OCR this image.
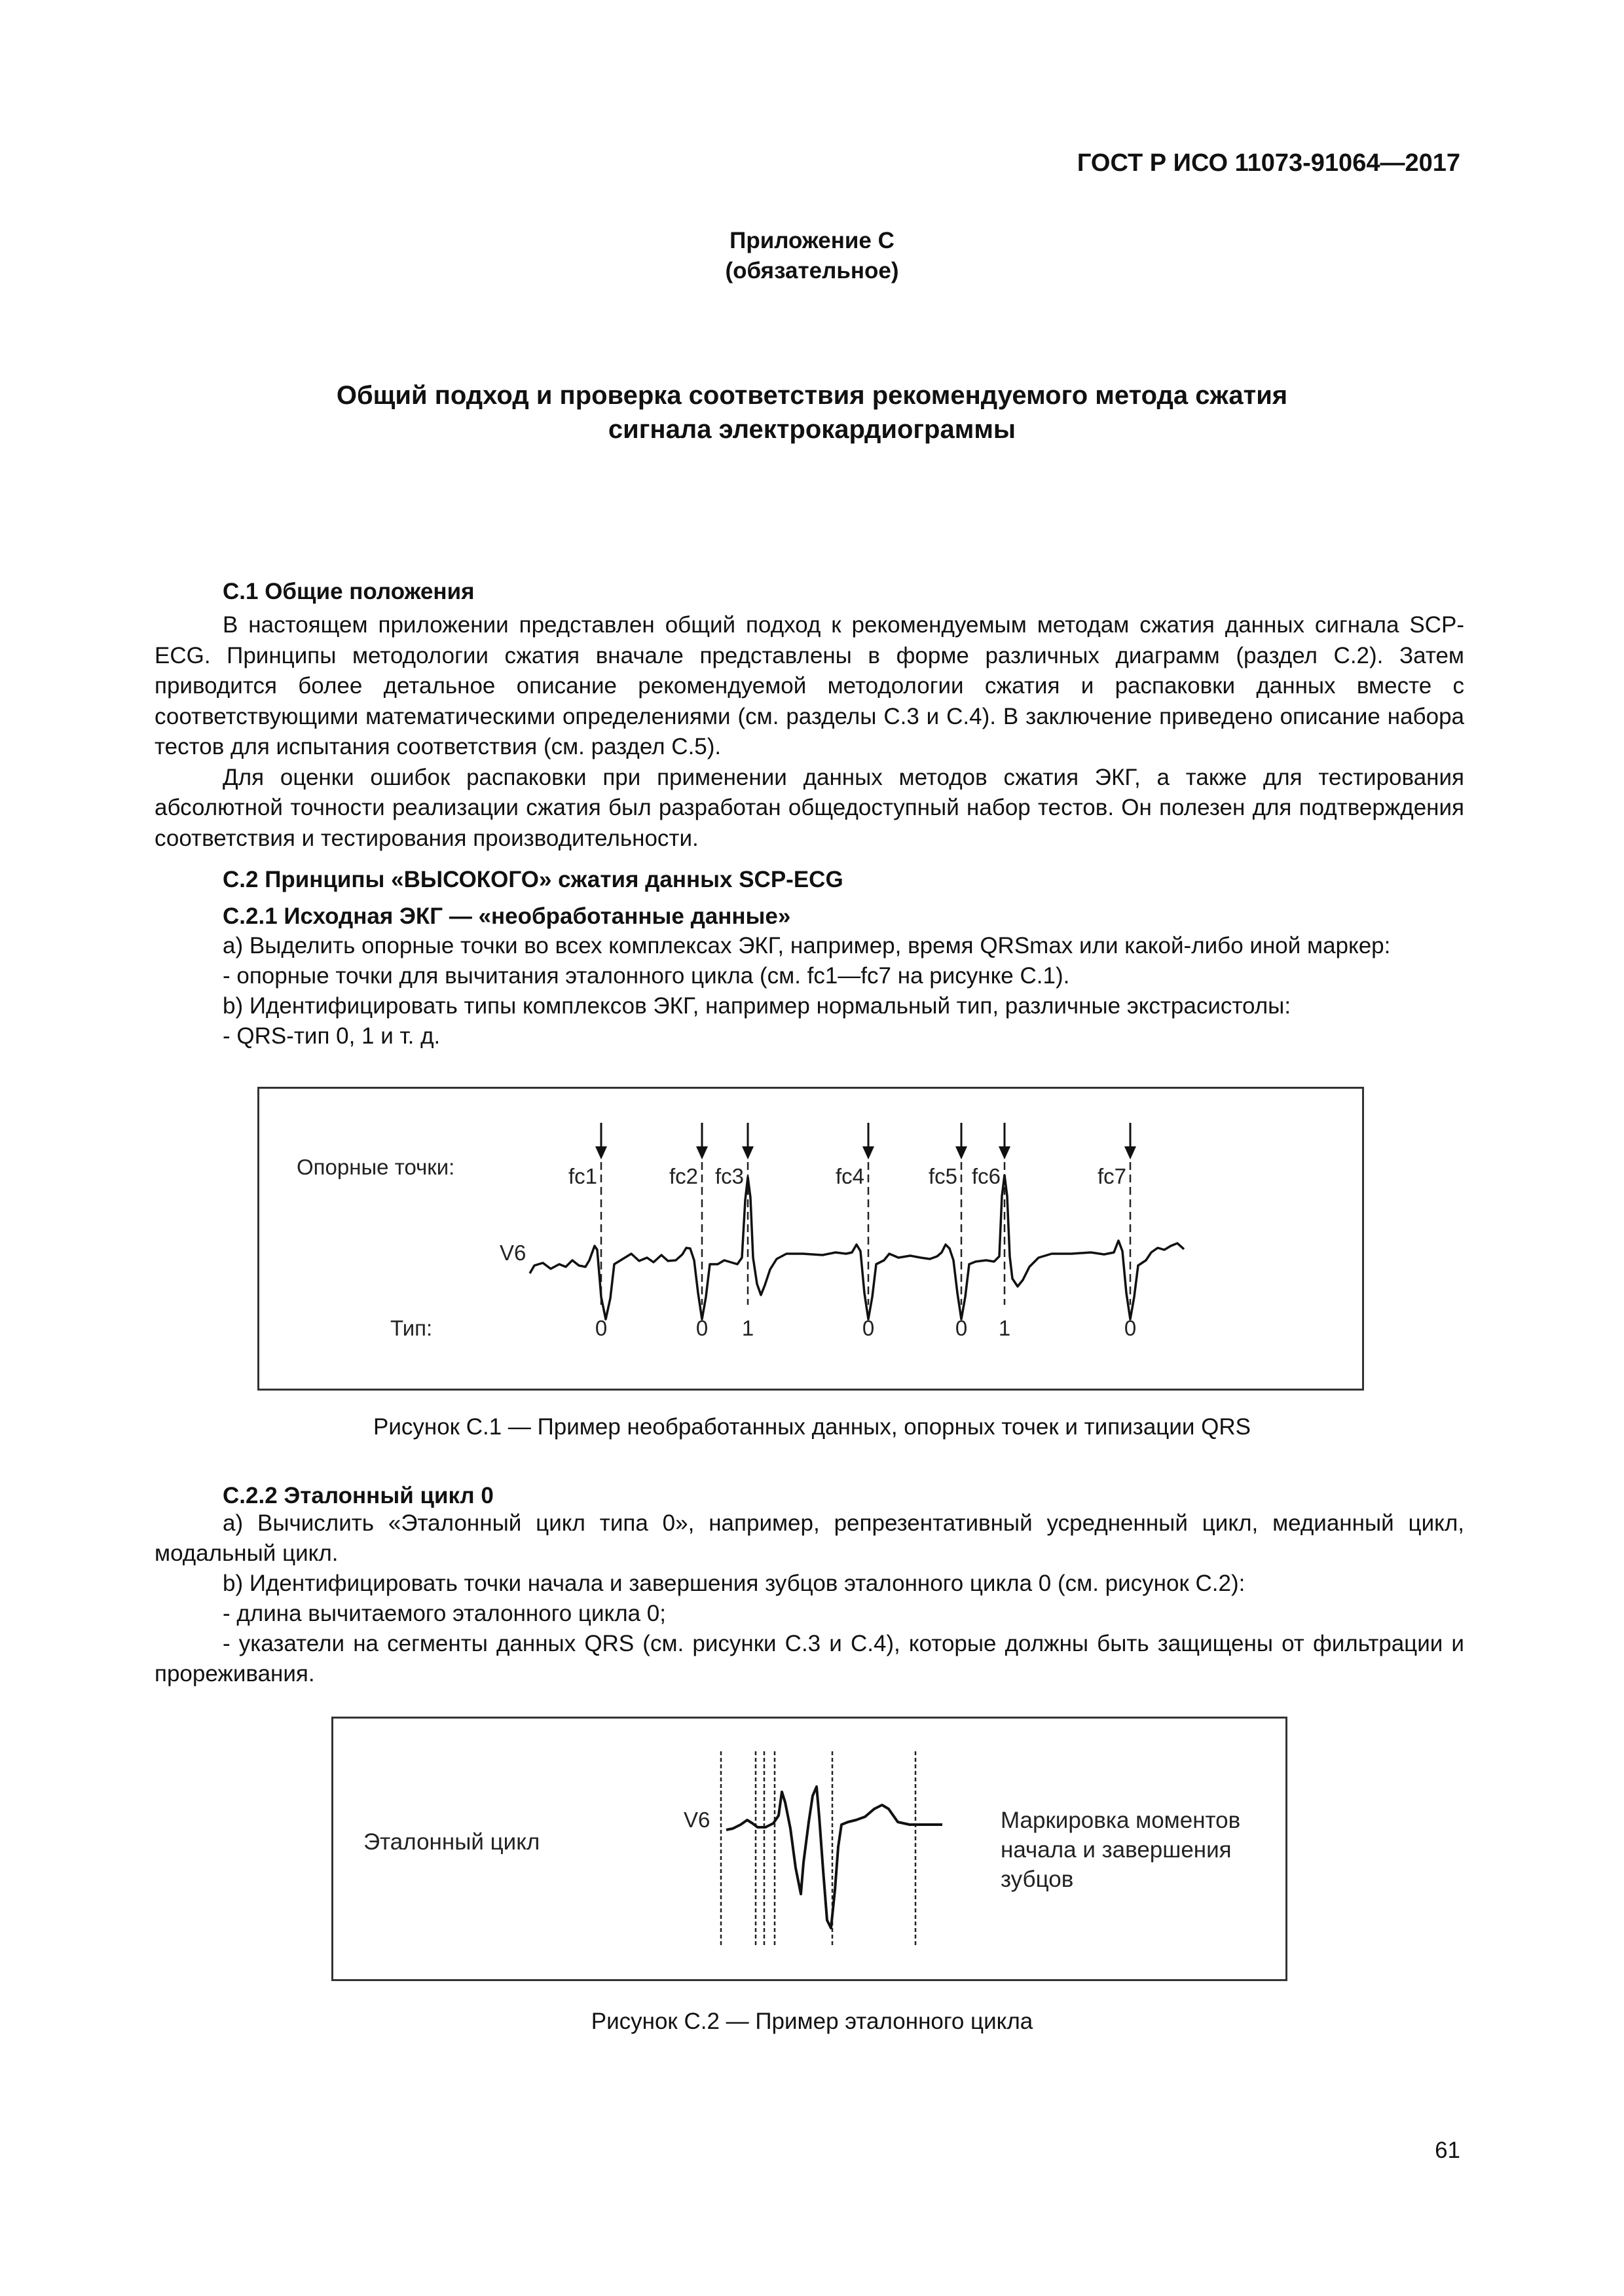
ГОСТ Р ИСО 11073-91064—2017
Приложение С
(обязательное)
Общий подход и проверка соответствия рекомендуемого метода сжатия
сигнала электрокардиограммы
С.1 Общие положения

В настоящем приложении представлен общий подход к рекомендуемым методам сжатия данных сигнала SCP-ECG. Принципы методологии сжатия вначале представлены в форме различных диаграмм (раздел С.2). Затем приводится более детальное описание рекомендуемой методологии сжатия и распаковки данных вместе с соответствующими математическими определениями (см. разделы С.3 и С.4). В заключение приведено описание набора тестов для испытания соответствия (см. раздел С.5).

Для оценки ошибок распаковки при применении данных методов сжатия ЭКГ, а также для тестирования абсолютной точности реализации сжатия был разработан общедоступный набор тестов. Он полезен для подтверждения соответствия и тестирования производительности.

С.2 Принципы «ВЫСОКОГО» сжатия данных SCP-ECG
С.2.1 Исходная ЭКГ — «необработанные данные»
a) Выделить опорные точки во всех комплексах ЭКГ, например, время QRSmax или какой-либо иной маркер:
- опорные точки для вычитания эталонного цикла (см. fc1—fc7 на рисунке С.1).
b) Идентифицировать типы комплексов ЭКГ, например нормальный тип, различные экстрасистолы:
- QRS-тип 0, 1 и т. д.
Опорные точки:
V6
Тип:
fc1
0
fc2
0
fc3
1
fc4
0
fc5
0
fc6
1
fc7
0
Рисунок С.1 — Пример необработанных данных, опорных точек и типизации QRS
С.2.2 Эталонный цикл 0

a) Вычислить «Эталонный цикл типа 0», например, репрезентативный усредненный цикл, медианный цикл, модальный цикл.

b) Идентифицировать точки начала и завершения зубцов эталонного цикла 0 (см. рисунок С.2):
- длина вычитаемого эталонного цикла 0;

- указатели на сегменты данных QRS (см. рисунки С.3 и С.4), которые должны быть защищены от фильтрации и прореживания.

Эталонный цикл
V6	Маркировка моментов
начала и завершения
зубцов
Рисунок С.2 — Пример эталонного цикла
61
